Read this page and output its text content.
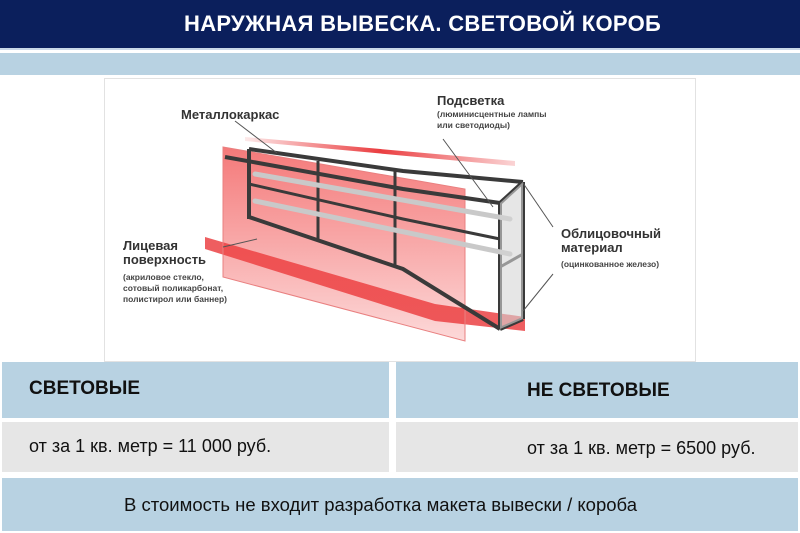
НАРУЖНАЯ ВЫВЕСКА. СВЕТОВОЙ КОРОБ
Металлокаркас
Подсветка
(люминисцентные лампы
или светодиоды)
Облицовочный
материал
(оцинкованное железо)
Лицевая
поверхность
(акриловое стекло,
сотовый поликарбонат,
полистирол или баннер)
СВЕТОВЫЕ	НЕ СВЕТОВЫЕ
от за 1 кв. метр = 11 000 руб.	от за 1 кв. метр = 6500 руб.
В стоимость не входит разработка макета вывески / короба
